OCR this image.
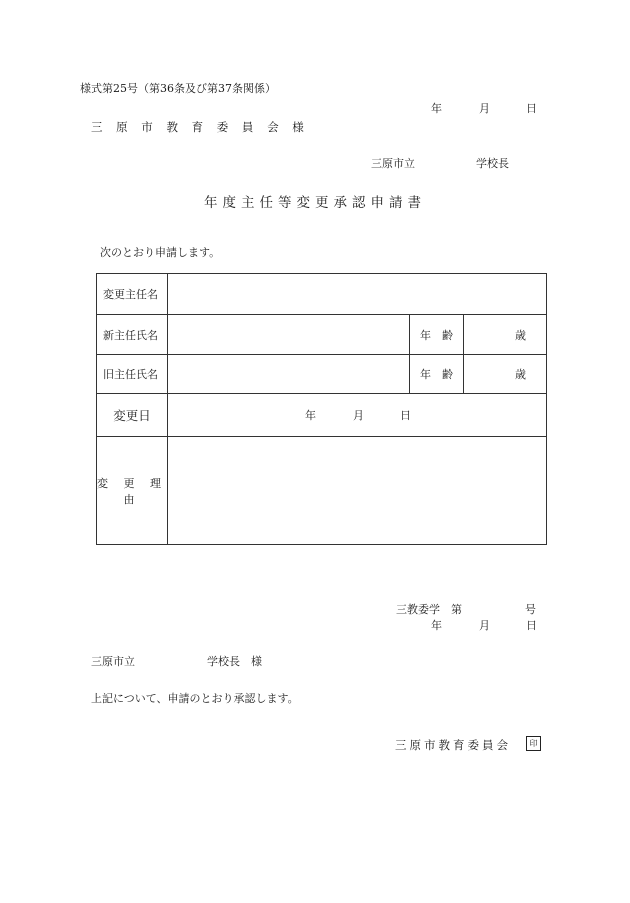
様式第25号（第36条及び第37条関係）
年	月	日
三 原 市 教 育 委 員 会 様
三原市立	学校長
年度主任等変更承認申請書
次のとおり申請します。
変更主任名			
新主任氏名		年　齢	歳
旧主任氏名		年　齢	歳
変更日	年 月 日		

変 更 理 由			
三教委学　第	号
年	月	日
三原市立	学校長　様
上記について、申請のとおり承認します。
三原市教育委員会	印
